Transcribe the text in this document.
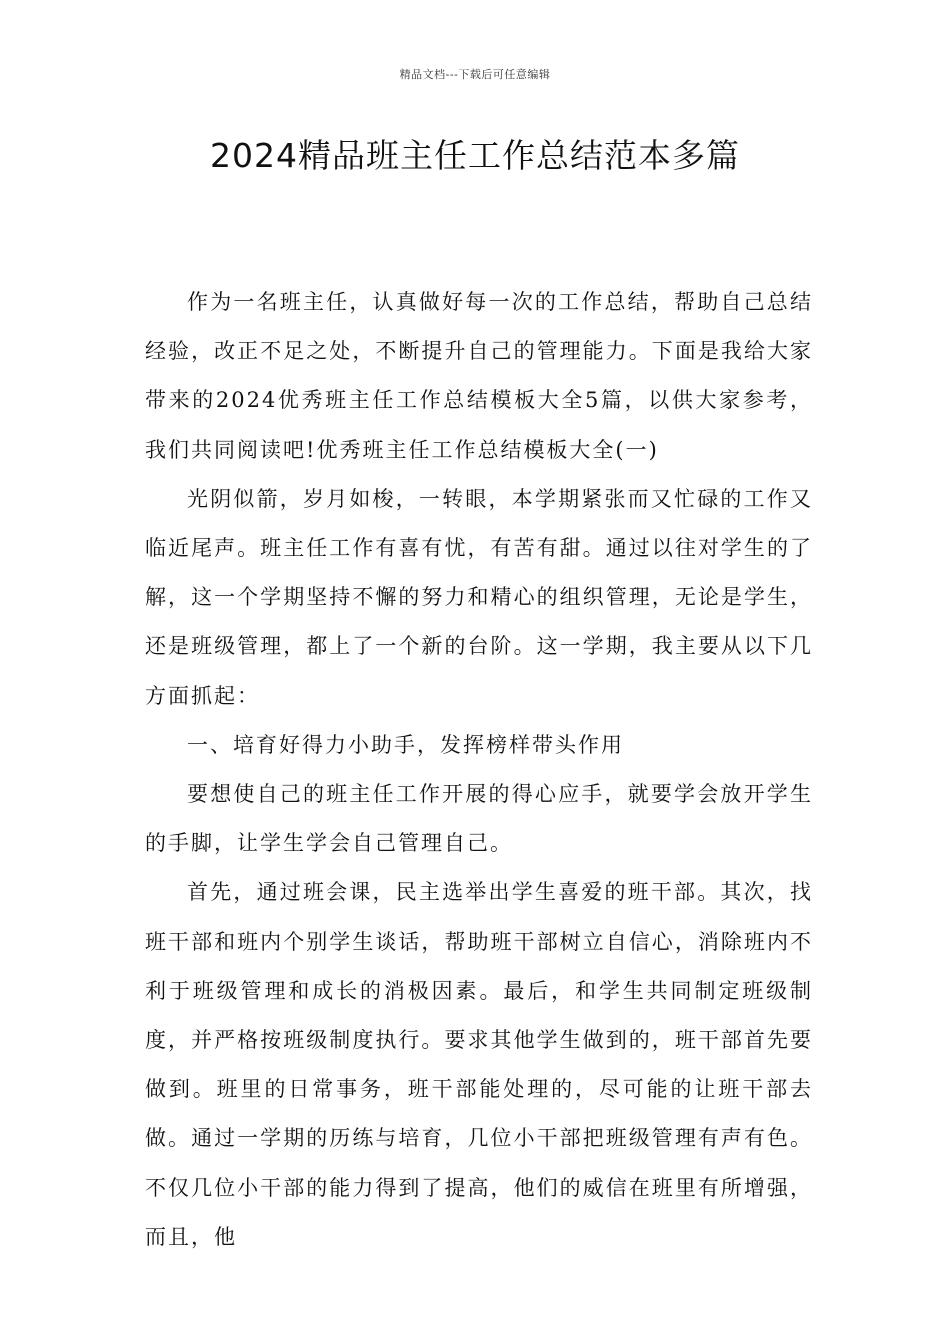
精品文档---下载后可任意编辑
2024精品班主任工作总结范本多篇

作为一名班主任，认真做好每一次的工作总结，帮助自己总结经验，改正不足之处，不断提升自己的管理能力。下面是我给大家带来的2024优秀班主任工作总结模板大全5篇，以供大家参考，我们共同阅读吧!优秀班主任工作总结模板大全(一)

光阴似箭，岁月如梭，一转眼，本学期紧张而又忙碌的工作又临近尾声。班主任工作有喜有忧，有苦有甜。通过以往对学生的了解，这一个学期坚持不懈的努力和精心的组织管理，无论是学生，还是班级管理，都上了一个新的台阶。这一学期，我主要从以下几方面抓起：

一、培育好得力小助手，发挥榜样带头作用

要想使自己的班主任工作开展的得心应手，就要学会放开学生的手脚，让学生学会自己管理自己。

首先，通过班会课，民主选举出学生喜爱的班干部。其次，找班干部和班内个别学生谈话，帮助班干部树立自信心，消除班内不利于班级管理和成长的消极因素。最后，和学生共同制定班级制度，并严格按班级制度执行。要求其他学生做到的，班干部首先要做到。班里的日常事务，班干部能处理的，尽可能的让班干部去做。通过一学期的历练与培育，几位小干部把班级管理有声有色。不仅几位小干部的能力得到了提高，他们的威信在班里有所增强，而且，他
